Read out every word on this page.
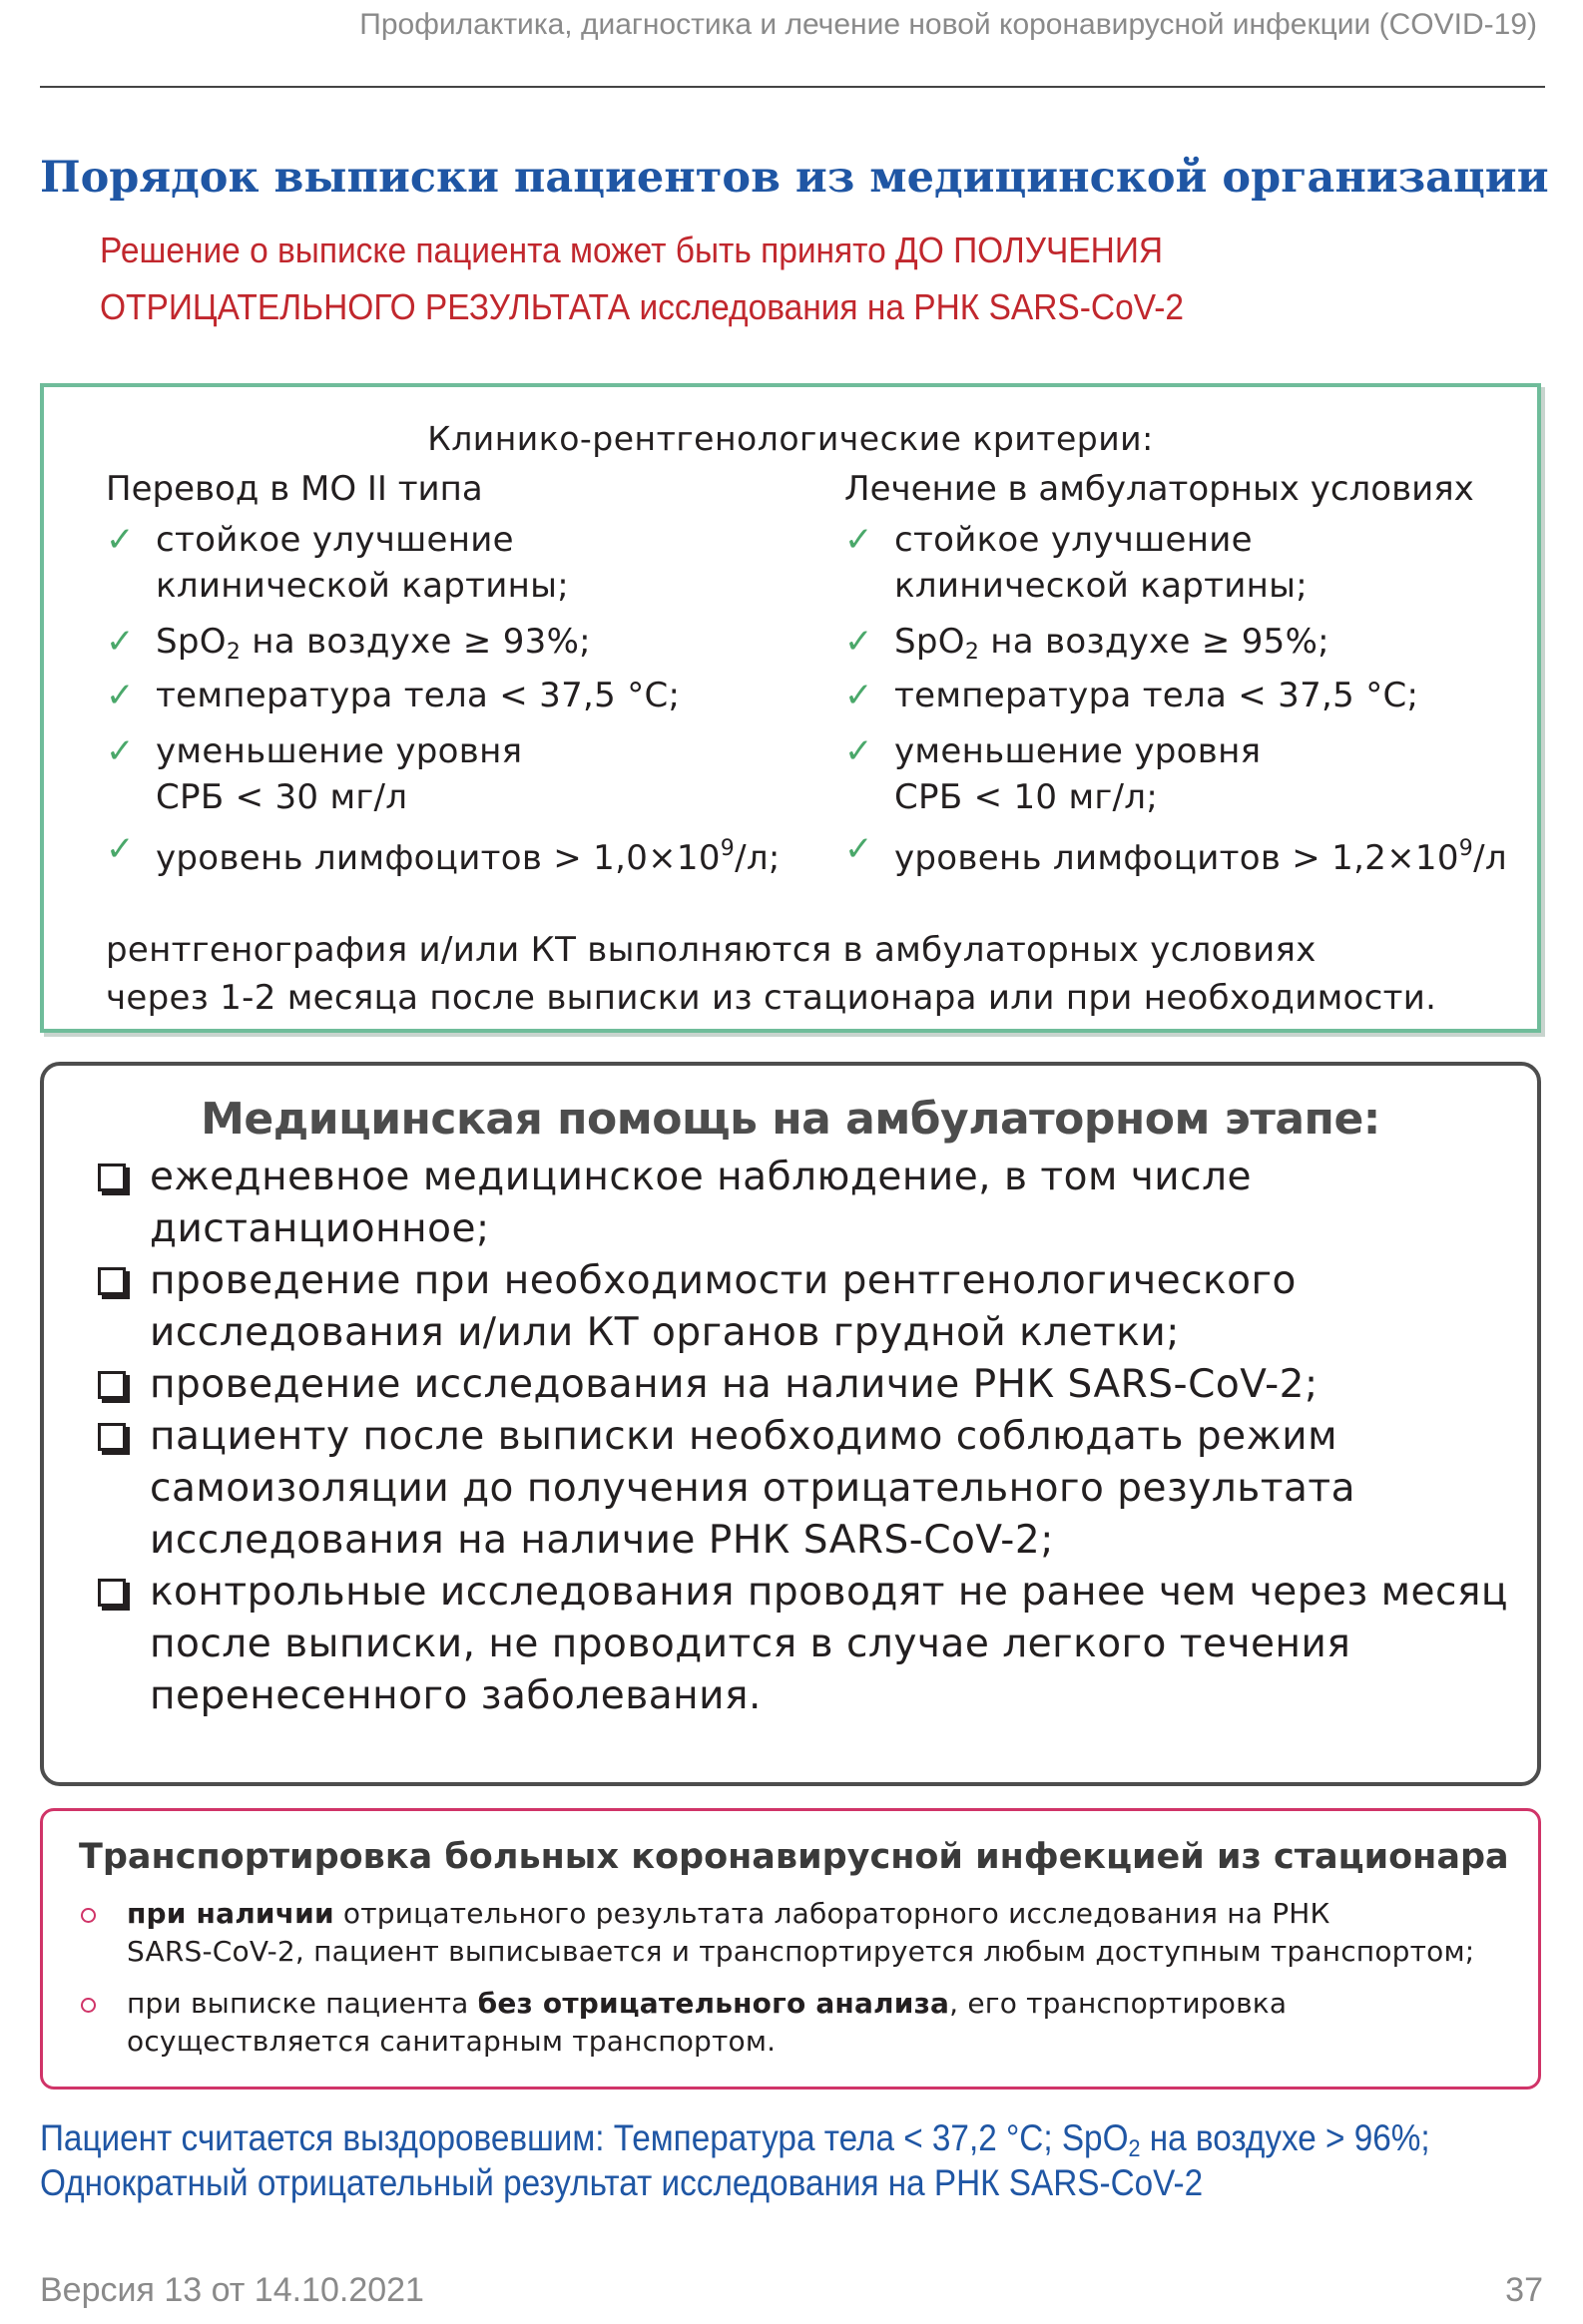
Профилактика, диагностика и лечение новой коронавирусной инфекции (COVID-19)
Порядок выписки пациентов из медицинской организации
Решение о выписке пациента может быть принято ДО ПОЛУЧЕНИЯ
ОТРИЦАТЕЛЬНОГО РЕЗУЛЬТАТА исследования на РНК SARS-CoV-2
Клинико-рентгенологические критерии:
Перевод в МО II типа
✓ стойкое улучшение
клинической картины;
✓ SpO$_2$ на воздухе ≥ 93%;
✓ температура тела < 37,5 °C;
✓ уменьшение уровня
СРБ < 30 мг/л
✓ уровень лимфоцитов > $1,0\times 10^9/л$;
Лечение в амбулаторных условиях
✓ стойкое улучшение
клинической картины;
✓ SpO$_2$ на воздухе ≥ 95%;
✓ температура тела < 37,5 °C;
✓ уменьшение уровня
СРБ < 10 мг/л;
✓ уровень лимфоцитов > $1,2\times 10^9/л$
рентгенография и/или КТ выполняются в амбулаторных условиях
через 1-2 месяца после выписки из стационара или при необходимости.
Медицинская помощь на амбулаторном этапе:
ежедневное медицинское наблюдение, в том числе
дистанционное;
проведение при необходимости рентгенологического
исследования и/или КТ органов грудной клетки;
проведение исследования на наличие РНК SARS-CoV-2;
пациенту после выписки необходимо соблюдать режим
самоизоляции до получения отрицательного результата
исследования на наличие РНК SARS-CoV-2;
контрольные исследования проводят не ранее чем через месяц
после выписки, не проводится в случае легкого течения
перенесенного заболевания.
Транспортировка больных коронавирусной инфекцией из стационара
при наличии отрицательного результата лабораторного исследования на РНК
SARS-CoV-2, пациент выписывается и транспортируется любым доступным транспортом;
при выписке пациента без отрицательного анализа, его транспортировка
осуществляется санитарным транспортом.
Пациент считается выздоровевшим: Температура тела < 37,2 °С; SpO$_2$ на воздухе > 96%;
Однократный отрицательный результат исследования на РНК SARS-CoV-2
Версия 13 от 14.10.2021	37
